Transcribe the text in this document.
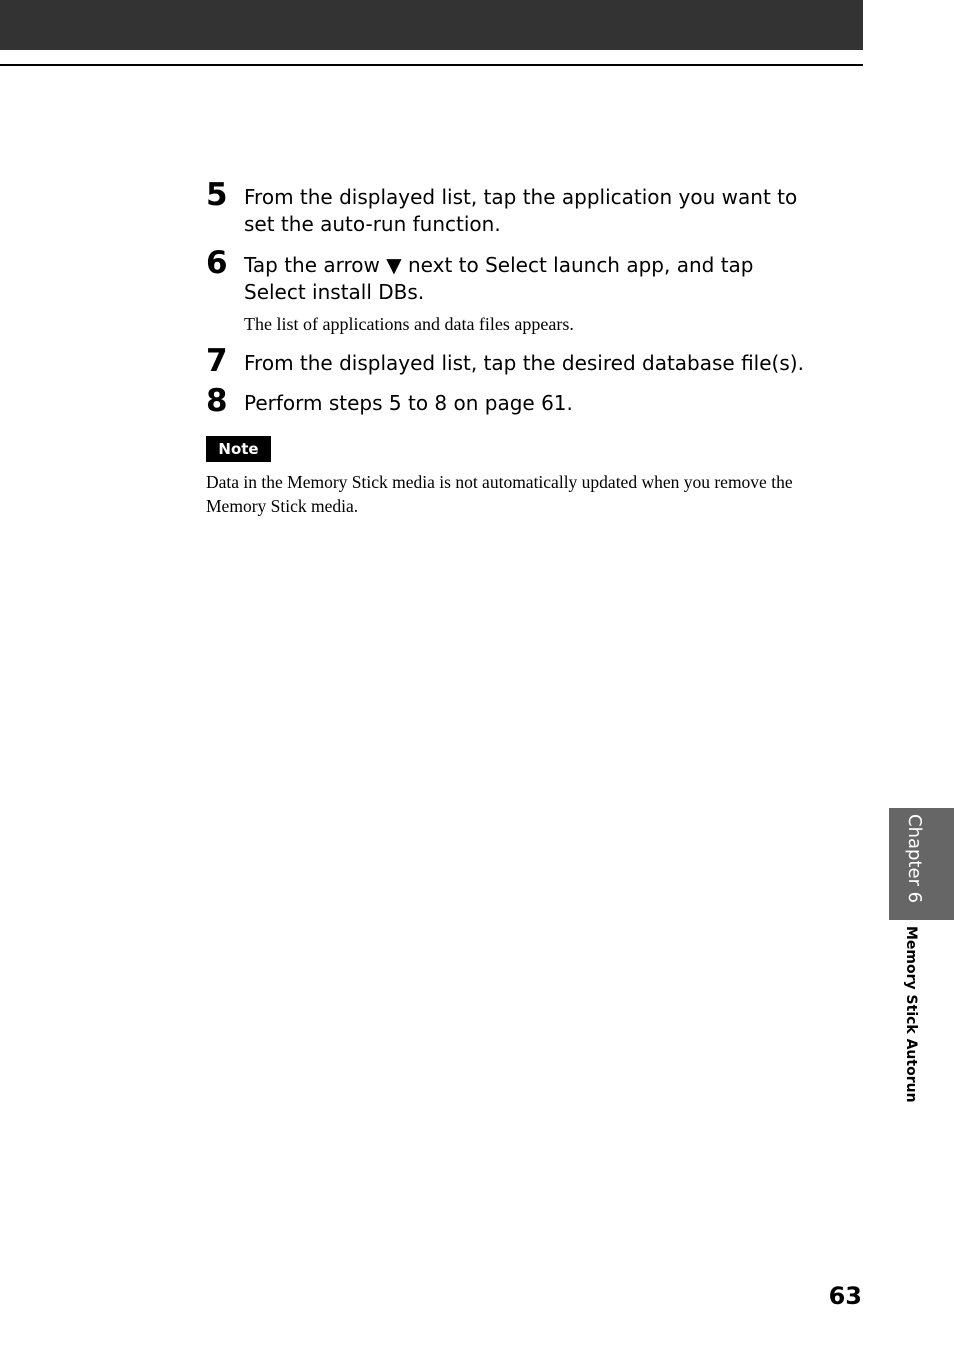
5 From the displayed list, tap the application you want to
set the auto-run function.
6 Tap the arrow ▼ next to Select launch app, and tap
Select install DBs.
The list of applications and data files appears.
7 From the displayed list, tap the desired database file(s).
8 Perform steps 5 to 8 on page 61.
Note
Data in the Memory Stick media is not automatically updated when you remove the Memory Stick media.
Chapter 6
Memory Stick Autorun
63
